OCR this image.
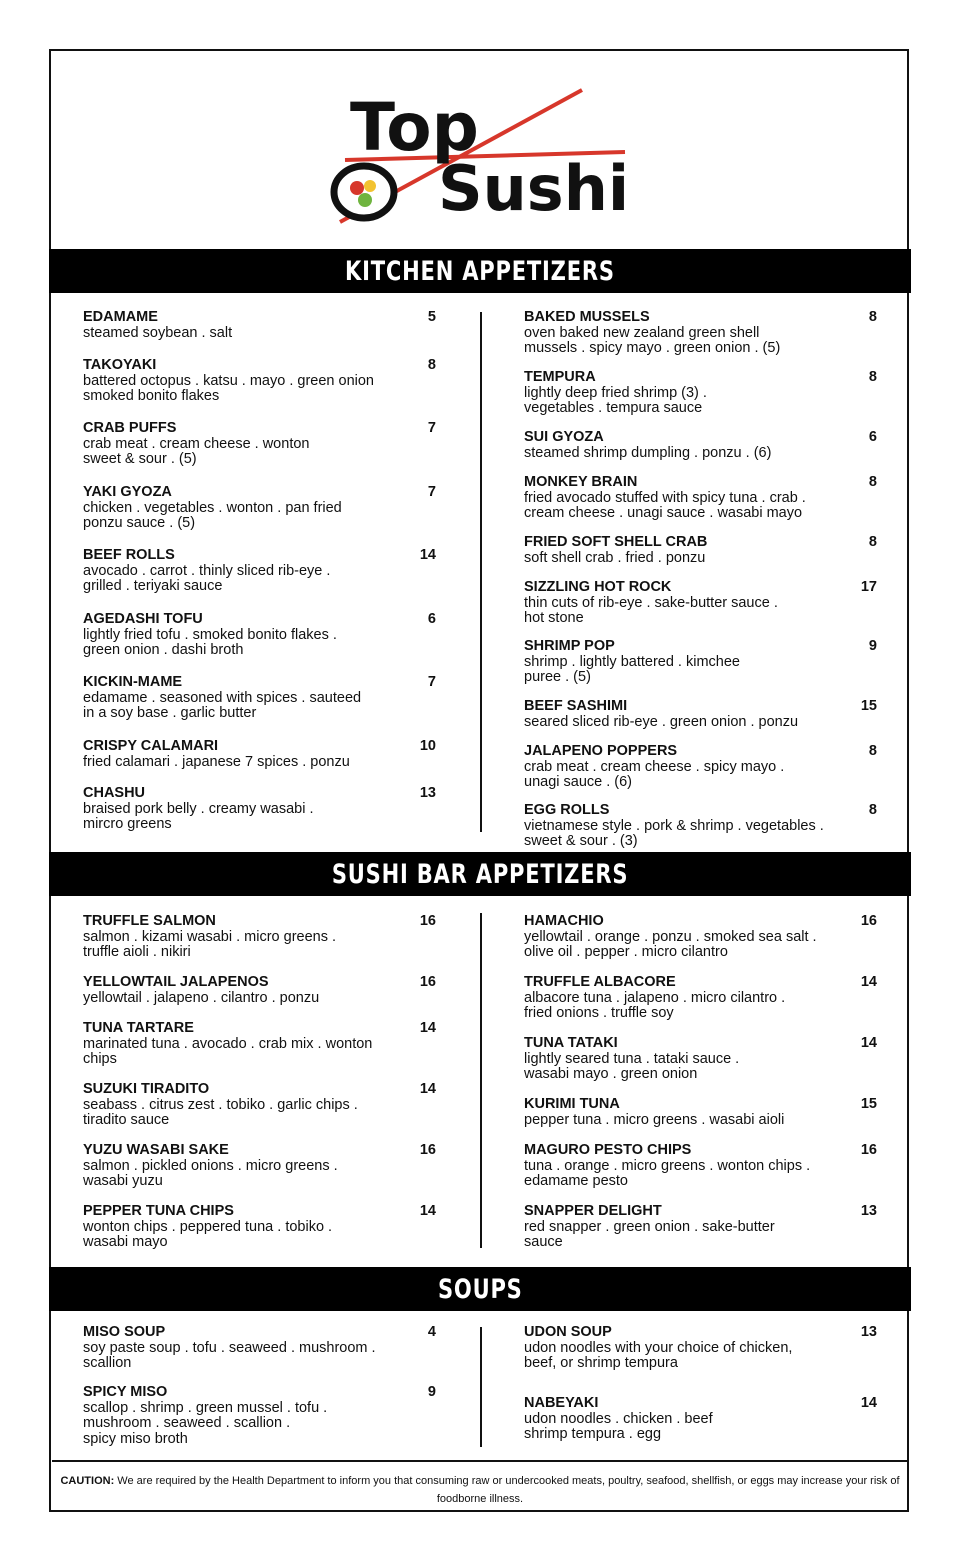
Top
Sushi
KITCHEN APPETIZERS
SUSHI BAR APPETIZERS
SOUPS
EDAMAME
steamed soybean . salt
5
TAKOYAKI
battered octopus . katsu . mayo . green onion
smoked bonito flakes
8
CRAB PUFFS
crab meat . cream cheese . wonton
sweet & sour . (5)
7
YAKI GYOZA
chicken . vegetables . wonton . pan fried
ponzu sauce . (5)
7
BEEF ROLLS
avocado . carrot . thinly sliced rib-eye .
grilled . teriyaki sauce
14
AGEDASHI TOFU
lightly fried tofu . smoked bonito flakes .
green onion . dashi broth
6
KICKIN-MAME
edamame . seasoned with spices . sauteed
in a soy base . garlic butter
7
CRISPY CALAMARI
fried calamari . japanese 7 spices . ponzu
10
CHASHU
braised pork belly . creamy wasabi .
mircro greens
13
BAKED MUSSELS
oven baked new zealand green shell
mussels . spicy mayo . green onion . (5)
8
TEMPURA
lightly deep fried shrimp (3) .
vegetables . tempura sauce
8
SUI GYOZA
steamed shrimp dumpling . ponzu . (6)
6
MONKEY BRAIN
fried avocado stuffed with spicy tuna . crab .
cream cheese . unagi sauce . wasabi mayo
8
FRIED SOFT SHELL CRAB
soft shell crab . fried . ponzu
8
SIZZLING HOT ROCK
thin cuts of rib-eye . sake-butter sauce .
hot stone
17
SHRIMP POP
shrimp . lightly battered . kimchee
puree . (5)
9
BEEF SASHIMI
seared sliced rib-eye . green onion . ponzu
15
JALAPENO POPPERS
crab meat . cream cheese . spicy mayo .
unagi sauce . (6)
8
EGG ROLLS
vietnamese style . pork & shrimp . vegetables .
sweet & sour . (3)
8
TRUFFLE SALMON
salmon . kizami wasabi . micro greens .
truffle aioli . nikiri
16
YELLOWTAIL JALAPENOS
yellowtail . jalapeno . cilantro . ponzu
16
TUNA TARTARE
marinated tuna . avocado . crab mix . wonton
chips
14
SUZUKI TIRADITO
seabass . citrus zest . tobiko . garlic chips .
tiradito sauce
14
YUZU WASABI SAKE
salmon . pickled onions . micro greens .
wasabi yuzu
16
PEPPER TUNA CHIPS
wonton chips . peppered tuna . tobiko .
wasabi mayo
14
HAMACHIO
yellowtail . orange . ponzu . smoked sea salt .
olive oil . pepper . micro cilantro
16
TRUFFLE ALBACORE
albacore tuna . jalapeno . micro cilantro .
fried onions . truffle soy
14
TUNA TATAKI
lightly seared tuna . tataki sauce .
wasabi mayo . green onion
14
KURIMI TUNA
pepper tuna . micro greens . wasabi aioli
15
MAGURO PESTO CHIPS
tuna . orange . micro greens . wonton chips .
edamame pesto
16
SNAPPER DELIGHT
red snapper . green onion . sake-butter
sauce
13
MISO SOUP
soy paste soup . tofu . seaweed . mushroom .
scallion
4
SPICY MISO
scallop . shrimp . green mussel . tofu .
mushroom . seaweed . scallion .
spicy miso broth
9
UDON SOUP
udon noodles with your choice of chicken,
beef, or shrimp tempura
13
NABEYAKI
udon noodles . chicken . beef
shrimp tempura . egg
14
CAUTION: We are required by the Health Department to inform you that consuming raw or undercooked meats, poultry, seafood, shellfish, or eggs may increase your risk of foodborne illness.
